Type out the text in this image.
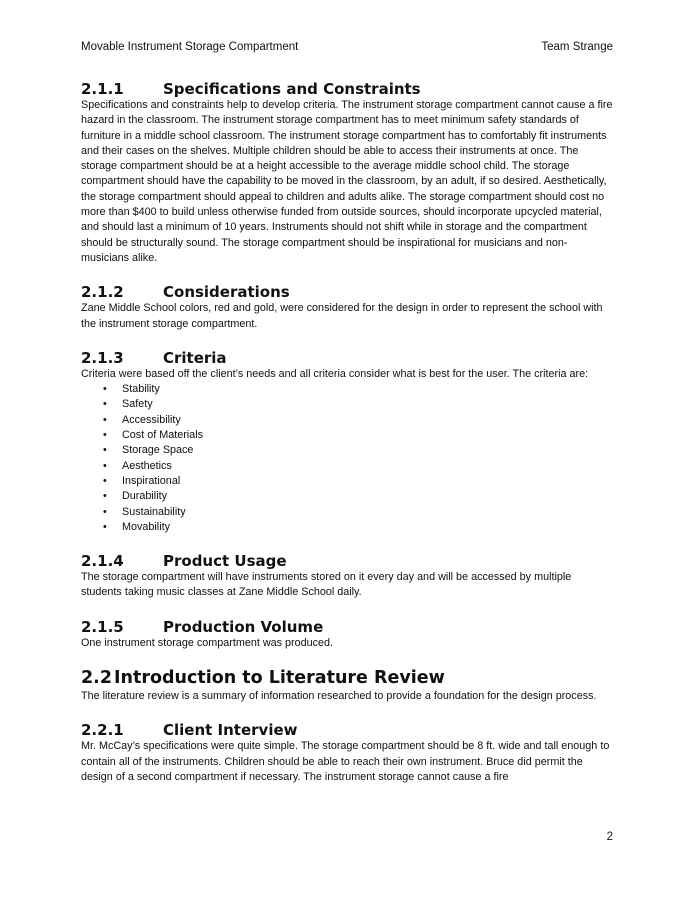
Movable Instrument Storage Compartment	Team Strange
2.1.1	Specifications and Constraints

Specifications and constraints help to develop criteria. The instrument storage compartment cannot cause a fire hazard in the classroom. The instrument storage compartment has to meet minimum safety standards of furniture in a middle school classroom. The instrument storage compartment has to comfortably fit instruments and their cases on the shelves. Multiple children should be able to access their instruments at once. The storage compartment should be at a height accessible to the average middle school child. The storage compartment should have the capability to be moved in the classroom, by an adult, if so desired. Aesthetically, the storage compartment should appeal to children and adults alike. The storage compartment should cost no more than $400 to build unless otherwise funded from outside sources, should incorporate upcycled material, and should last a minimum of 10 years. Instruments should not shift while in storage and the compartment should be structurally sound. The storage compartment should be inspirational for musicians and non-musicians alike.

2.1.2	Considerations

Zane Middle School colors, red and gold, were considered for the design in order to represent the school with the instrument storage compartment.

2.1.3	Criteria

Criteria were based off the client’s needs and all criteria consider what is best for the user. The criteria are:

• Stability
• Safety
• Accessibility
• Cost of Materials
• Storage Space
• Aesthetics
• Inspirational
• Durability
• Sustainability
• Movability
2.1.4	Product Usage

The storage compartment will have instruments stored on it every day and will be accessed by multiple students taking music classes at Zane Middle School daily.

2.1.5	Production Volume

One instrument storage compartment was produced.

2.2 Introduction to Literature Review

The literature review is a summary of information researched to provide a foundation for the design process.

2.2.1	Client Interview

Mr. McCay’s specifications were quite simple. The storage compartment should be 8 ft. wide and tall enough to contain all of the instruments. Children should be able to reach their own instrument. Bruce did permit the design of a second compartment if necessary. The instrument storage cannot cause a fire

2
